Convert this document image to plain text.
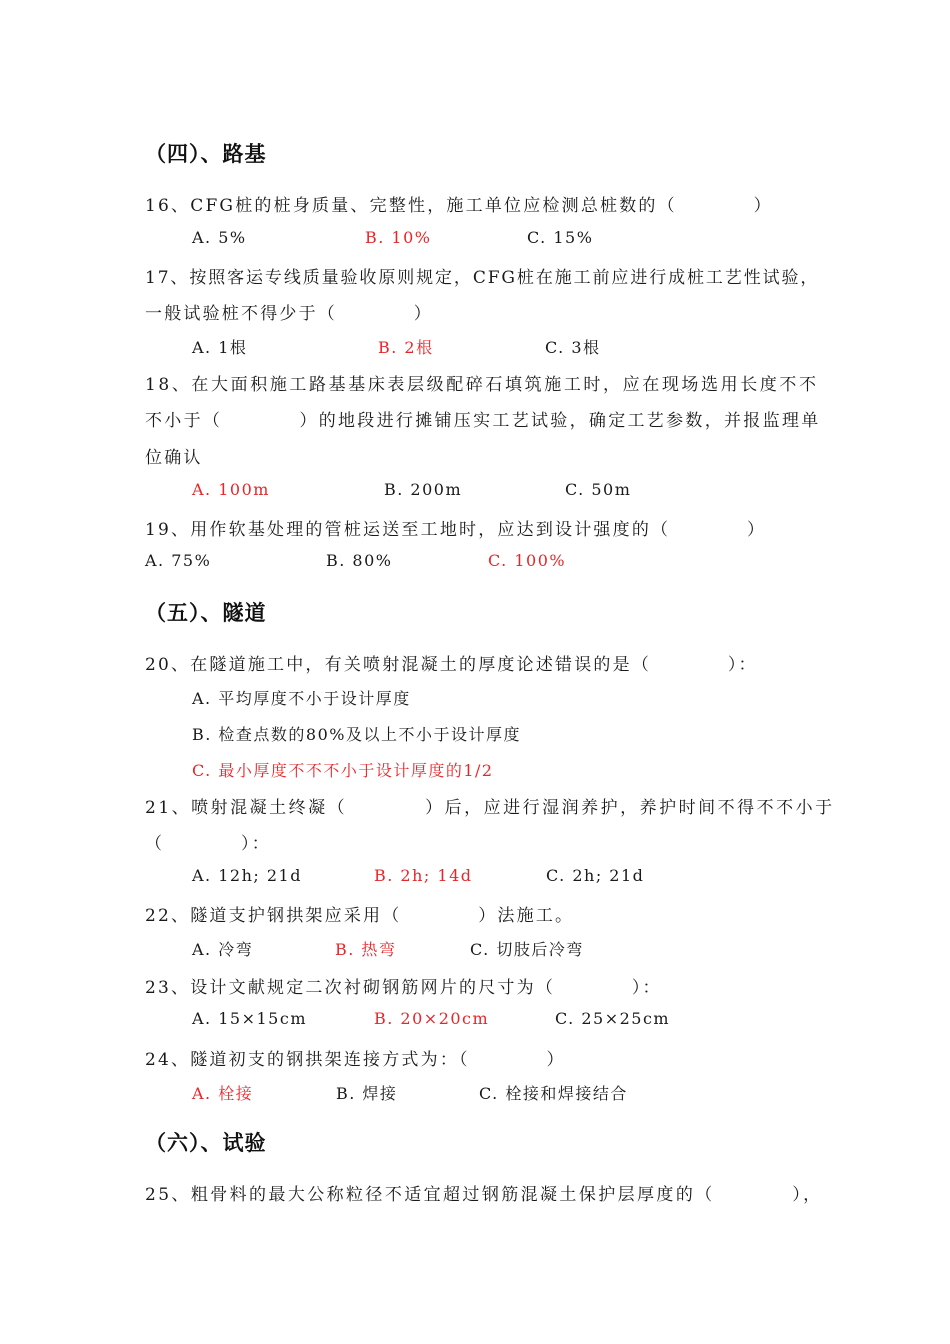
（四）、路基
16、CFG桩的桩身质量、完整性，施工单位应检测总桩数的（　　　　）
A. 5%	B. 10%	C. 15%
17、按照客运专线质量验收原则规定，CFG桩在施工前应进行成桩工艺性试验，
一般试验桩不得少于（　　　　）
A. 1根	B. 2根	C. 3根
18、在大面积施工路基基床表层级配碎石填筑施工时，应在现场选用长度不不
不小于（　　　　）的地段进行摊铺压实工艺试验，确定工艺参数，并报监理单
位确认
A. 100m	B. 200m	C. 50m
19、用作软基处理的管桩运送至工地时，应达到设计强度的（　　　　）
A. 75%	B. 80%	C. 100%
（五）、隧道
20、在隧道施工中，有关喷射混凝土的厚度论述错误的是（　　　　）：
A. 平均厚度不小于设计厚度
B. 检查点数的80%及以上不小于设计厚度
C. 最小厚度不不不小于设计厚度的1/2
21、喷射混凝土终凝（　　　　）后，应进行湿润养护，养护时间不得不不小于
（　　　　）：
A. 12h; 21d	B. 2h; 14d	C. 2h; 21d
22、隧道支护钢拱架应采用（　　　　）法施工。
A. 冷弯	B. 热弯	C. 切肢后冷弯
23、设计文献规定二次衬砌钢筋网片的尺寸为（　　　　）：
A. 15×15cm	B. 20×20cm	C. 25×25cm
24、隧道初支的钢拱架连接方式为：（　　　　）
A. 栓接	B. 焊接	C. 栓接和焊接结合
（六）、试验
25、粗骨料的最大公称粒径不适宜超过钢筋混凝土保护层厚度的（　　　　），
